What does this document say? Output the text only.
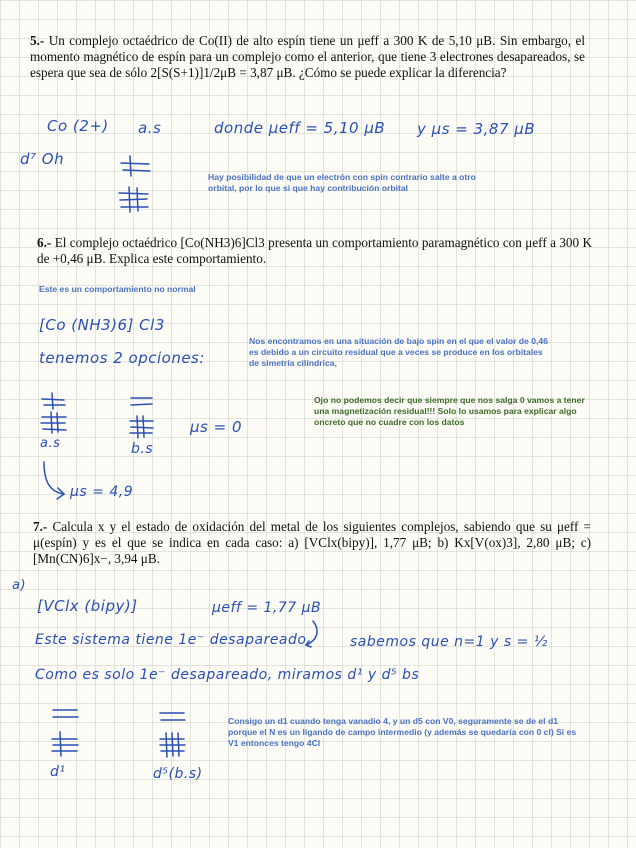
5.- Un complejo octaédrico de Co(II) de alto espín tiene un μeff a 300 K de 5,10 μB. Sin embargo, el momento magnético de espín para un complejo como el anterior, que tiene 3 electrones desapareados, se espera que sea de sólo 2[S(S+1)]1/2μB = 3,87 μB. ¿Cómo se puede explicar la diferencia?
Co (2+) a.s	donde μeff = 5,10 μB y μs = 3,87 μB
d⁷ Oh
Hay posibilidad de que un electrón con spin contrario salte a otro orbital, por lo que si que hay contribución orbital
6.- El complejo octaédrico [Co(NH3)6]Cl3 presenta un comportamiento paramagnético con μeff a 300 K de +0,46 μB. Explica este comportamiento.
Este es un comportamiento no normal
[Co (NH3)6] Cl3
tenemos 2 opciones:
Nos encontramos en una situación de bajo spin en el que el valor de 0,46 es debido a un circuito residual que a veces se produce en los orbitales de simetría cilíndrica,
μs = 0
a.s	b.s
μs = 4,9
Ojo no podemos decir que siempre que nos salga 0 vamos a tener una magnetización residual!!! Solo lo usamos para explicar algo oncreto que no cuadre con los datos
7.- Calcula x y el estado de oxidación del metal de los siguientes complejos, sabiendo que su μeff = μ(espín) y es el que se indica en cada caso: a) [VClx(bipy)], 1,77 μB; b) Kx[V(ox)3], 2,80 μB; c) [Mn(CN)6]x−, 3,94 μB.
a)
[VClx (bipy)]	μeff = 1,77 μB
Este sistema tiene 1e⁻ desapareado	sabemos que n=1 y s = ½
Como es solo 1e⁻ desapareado, miramos d¹ y d⁵ bs
d¹	d⁵(b.s)
Consigo un d1 cuando tenga vanadio 4, y un d5 con V0, seguramente se de el d1 porque el N es un ligando de campo intermedio (y además se quedaría con 0 cl) Si es V1 entonces tengo 4Cl
